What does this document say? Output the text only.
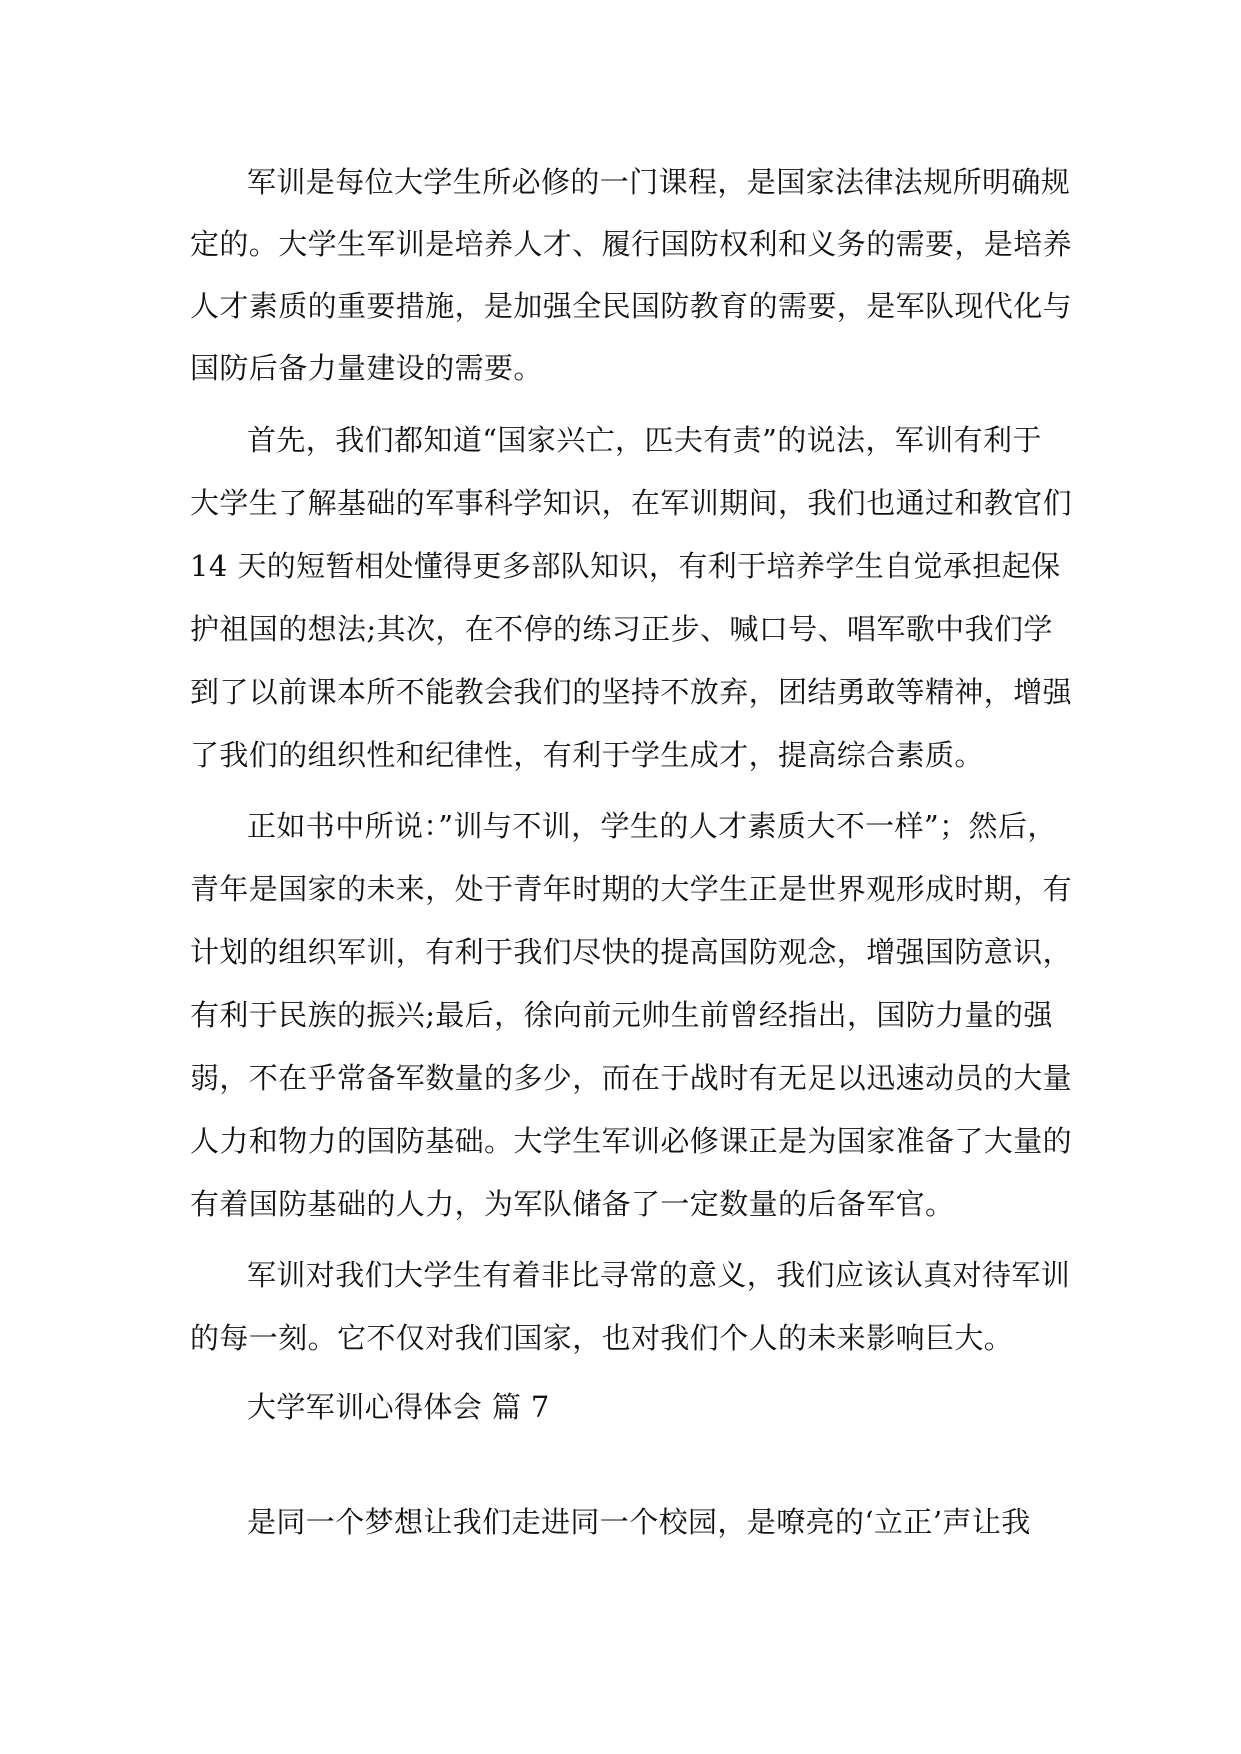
军训是每位大学生所必修的一门课程，是国家法律法规所明确规

定的。大学生军训是培养人才、履行国防权利和义务的需要，是培养

人才素质的重要措施，是加强全民国防教育的需要，是军队现代化与

国防后备力量建设的需要。

首先，我们都知道“国家兴亡，匹夫有责”的说法，军训有利于

大学生了解基础的军事科学知识，在军训期间，我们也通过和教官们

14 天的短暂相处懂得更多部队知识，有利于培养学生自觉承担起保

护祖国的想法;其次，在不停的练习正步、喊口号、唱军歌中我们学

到了以前课本所不能教会我们的坚持不放弃，团结勇敢等精神，增强

了我们的组织性和纪律性，有利于学生成才，提高综合素质。

正如书中所说：”训与不训，学生的人才素质大不一样”；然后，

青年是国家的未来，处于青年时期的大学生正是世界观形成时期，有

计划的组织军训，有利于我们尽快的提高国防观念，增强国防意识，

有利于民族的振兴;最后，徐向前元帅生前曾经指出，国防力量的强

弱，不在乎常备军数量的多少，而在于战时有无足以迅速动员的大量

人力和物力的国防基础。大学生军训必修课正是为国家准备了大量的

有着国防基础的人力，为军队储备了一定数量的后备军官。

军训对我们大学生有着非比寻常的意义，我们应该认真对待军训

的每一刻。它不仅对我们国家，也对我们个人的未来影响巨大。

大学军训心得体会 篇 7

是同一个梦想让我们走进同一个校园，是嘹亮的‘立正’声让我
